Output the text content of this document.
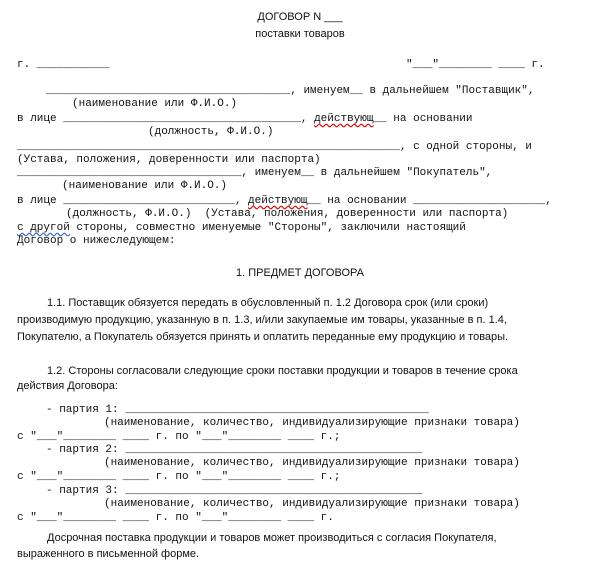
ДОГОВОР N ___
поставки товаров
г. ___________	"___"________ ____ г.
_____________________________________, именуем__ в дальнейшем "Поставщик",
(наименование или Ф.И.О.)
в лице ____________________________________, действующ__ на основании
(должность, Ф.И.О.)
__________________________________________________________, с одной стороны, и
(Устава, положения, доверенности или паспорта)
__________________________________, именуем__ в дальнейшем "Покупатель",
(наименование или Ф.И.О.)
в лице __________________________, действующ__ на основании ____________________,
(должность, Ф.И.О.)  (Устава, положения, доверенности или паспорта)
с другой стороны, совместно именуемые "Стороны", заключили настоящий
Договор о нижеследующем:
1. ПРЕДМЕТ ДОГОВОРА
1.1. Поставщик обязуется передать в обусловленный п. 1.2 Договора срок (или сроки)
производимую продукцию, указанную в п. 1.3, и/или закупаемые им товары, указанные в п. 1.4,
Покупателю, а Покупатель обязуется принять и оплатить переданные ему продукцию и товары.
1.2. Стороны согласовали следующие сроки поставки продукции и товаров в течение срока
действия Договора:
- партия 1: ______________________________________________
(наименование, количество, индивидуализирующие признаки товара)
с "___"________ ____ г. по "___"________ ____ г.;
- партия 2: _____________________________________________
(наименование, количество, индивидуализирующие признаки товара)
с "___"________ ____ г. по "___"________ ____ г.;
- партия 3: _____________________________________________
(наименование, количество, индивидуализирующие признаки товара)
с "___"________ ____ г. по "___"________ ____ г.
Досрочная поставка продукции и товаров может производиться с согласия Покупателя,
выраженного в письменной форме.
